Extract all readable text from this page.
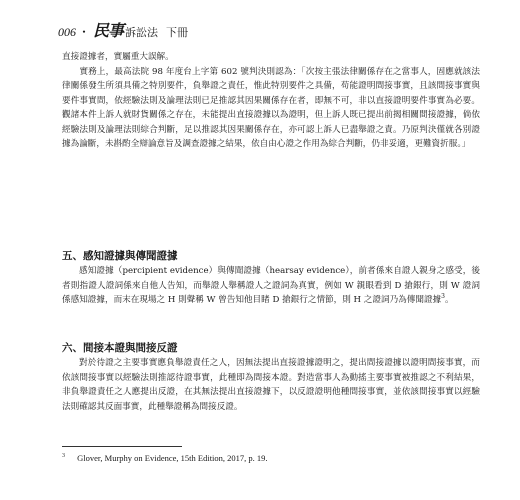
006 ・ 民事 訴訟法 下冊

直接證據者，實屬重大誤解。

　　實務上，最高法院 98 年度台上字第 602 號判決則認為：「次按主張法律關係存在之當事人，固應就該法律關係發生所須具備之特別要件，負舉證之責任，惟此特別要件之具備，苟能證明間接事實，且該間接事實與要件事實間，依經驗法則及論理法則已足推認其因果關係存在者，即無不可，非以直接證明要件事實為必要。觀諸本件上訴人就財貨關係之存在，未能提出直接證據以為證明，但上訴人既已提出前揭相關間接證據，倘依經驗法則及論理法則綜合判斷，足以推認其因果關係存在，亦可認上訴人已盡舉證之責。乃原判決僅就各別證據為論斷，未斟酌全辯論意旨及調查證據之結果，依自由心證之作用為綜合判斷，仍非妥適，更難資折服。」

五、感知證據與傳聞證據

感知證據（percipient evidence）與傳聞證據（hearsay evidence），前者係來自證人親身之感受，後者則指證人證詞係來自他人告知，而舉證人舉稱證人之證詞為真實，例如 W 親眼看到 D 搶銀行，則 W 證詞係感知證據，而末在現場之 H 則聲稱 W 曾告知他目睹 D 搶銀行之情節，則 H 之證詞乃為傳聞證據$^3$。

六、間接本證與間接反證

對於待證之主要事實應負舉證責任之人，因無法提出直接證據證明之，提出間接證據以證明間接事實，而依該間接事實以經驗法則推認待證事實，此種即為間接本證。對造當事人為動搖主要事實被推認之不利結果，非負舉證責任之人應提出反證，在其無法提出直接證據下，以反證證明他種間接事實，並依該間接事實以經驗法則確認其反面事實，此種舉證稱為間接反證。

$^3$ Glover, Murphy on Evidence, 15th Edition, 2017, p. 19.
